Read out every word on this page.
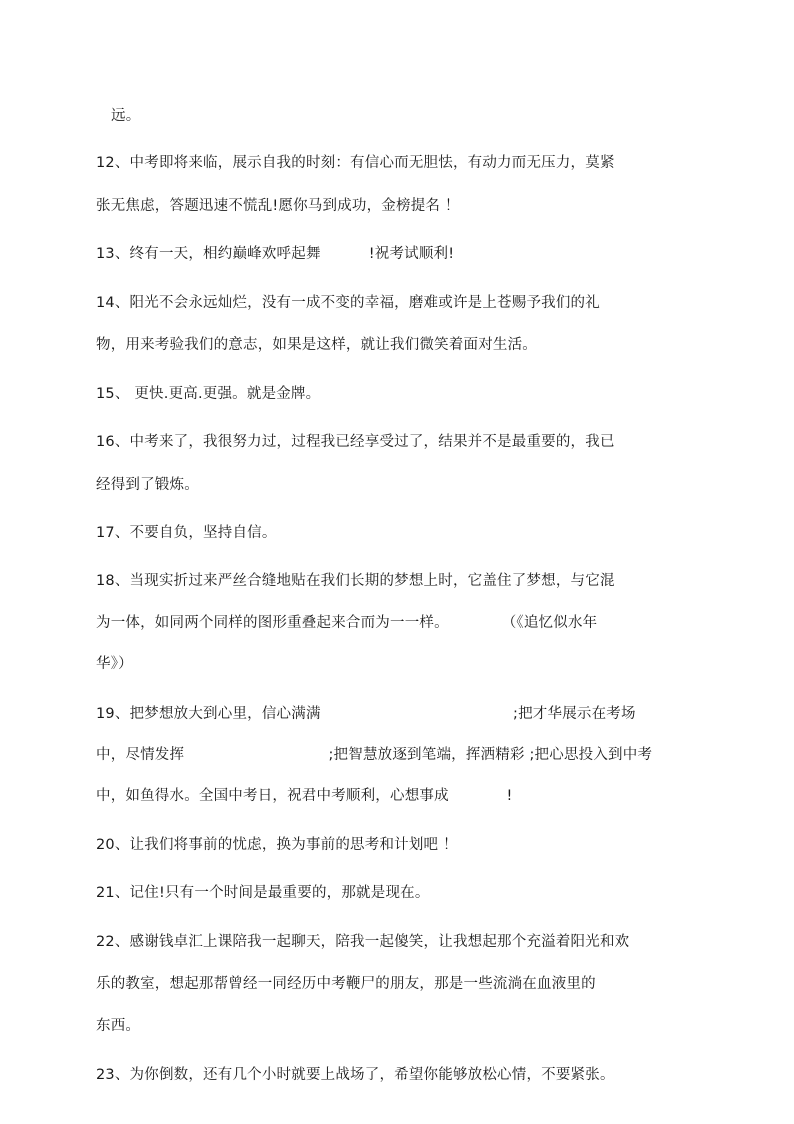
远。
12、中考即将来临，展示自我的时刻：有信心而无胆怯，有动力而无压力，莫紧
张无焦虑，答题迅速不慌乱!愿你马到成功，金榜提名 ！
13、终有一天，相约巅峰欢呼起舞          !祝考试顺利!
14、阳光不会永远灿烂，没有一成不变的幸福，磨难或许是上苍赐予我们的礼
物，用来考验我们的意志，如果是这样，就让我们微笑着面对生活。
15、 更快.更高.更强。就是金牌。
16、中考来了，我很努力过，过程我已经享受过了，结果并不是最重要的，我已
经得到了锻炼。
17、不要自负，坚持自信。
18、当现实折过来严丝合缝地贴在我们长期的梦想上时，它盖住了梦想，与它混
为一体，如同两个同样的图形重叠起来合而为一一样。           （《追忆似水年
华》）
19、把梦想放大到心里，信心满满                                        ;把才华展示在考场
中，尽情发挥                              ;把智慧放逐到笔端，挥洒精彩 ;把心思投入到中考
中，如鱼得水。全国中考日，祝君中考顺利，心想事成            !
20、让我们将事前的忧虑，换为事前的思考和计划吧 ！
21、记住!只有一个时间是最重要的，那就是现在。
22、感谢钱卓汇上课陪我一起聊天，陪我一起傻笑，让我想起那个充溢着阳光和欢
乐的教室，想起那帮曾经一同经历中考鞭尸的朋友，那是一些流淌在血液里的
东西。
23、为你倒数，还有几个小时就要上战场了，希望你能够放松心情，不要紧张。
